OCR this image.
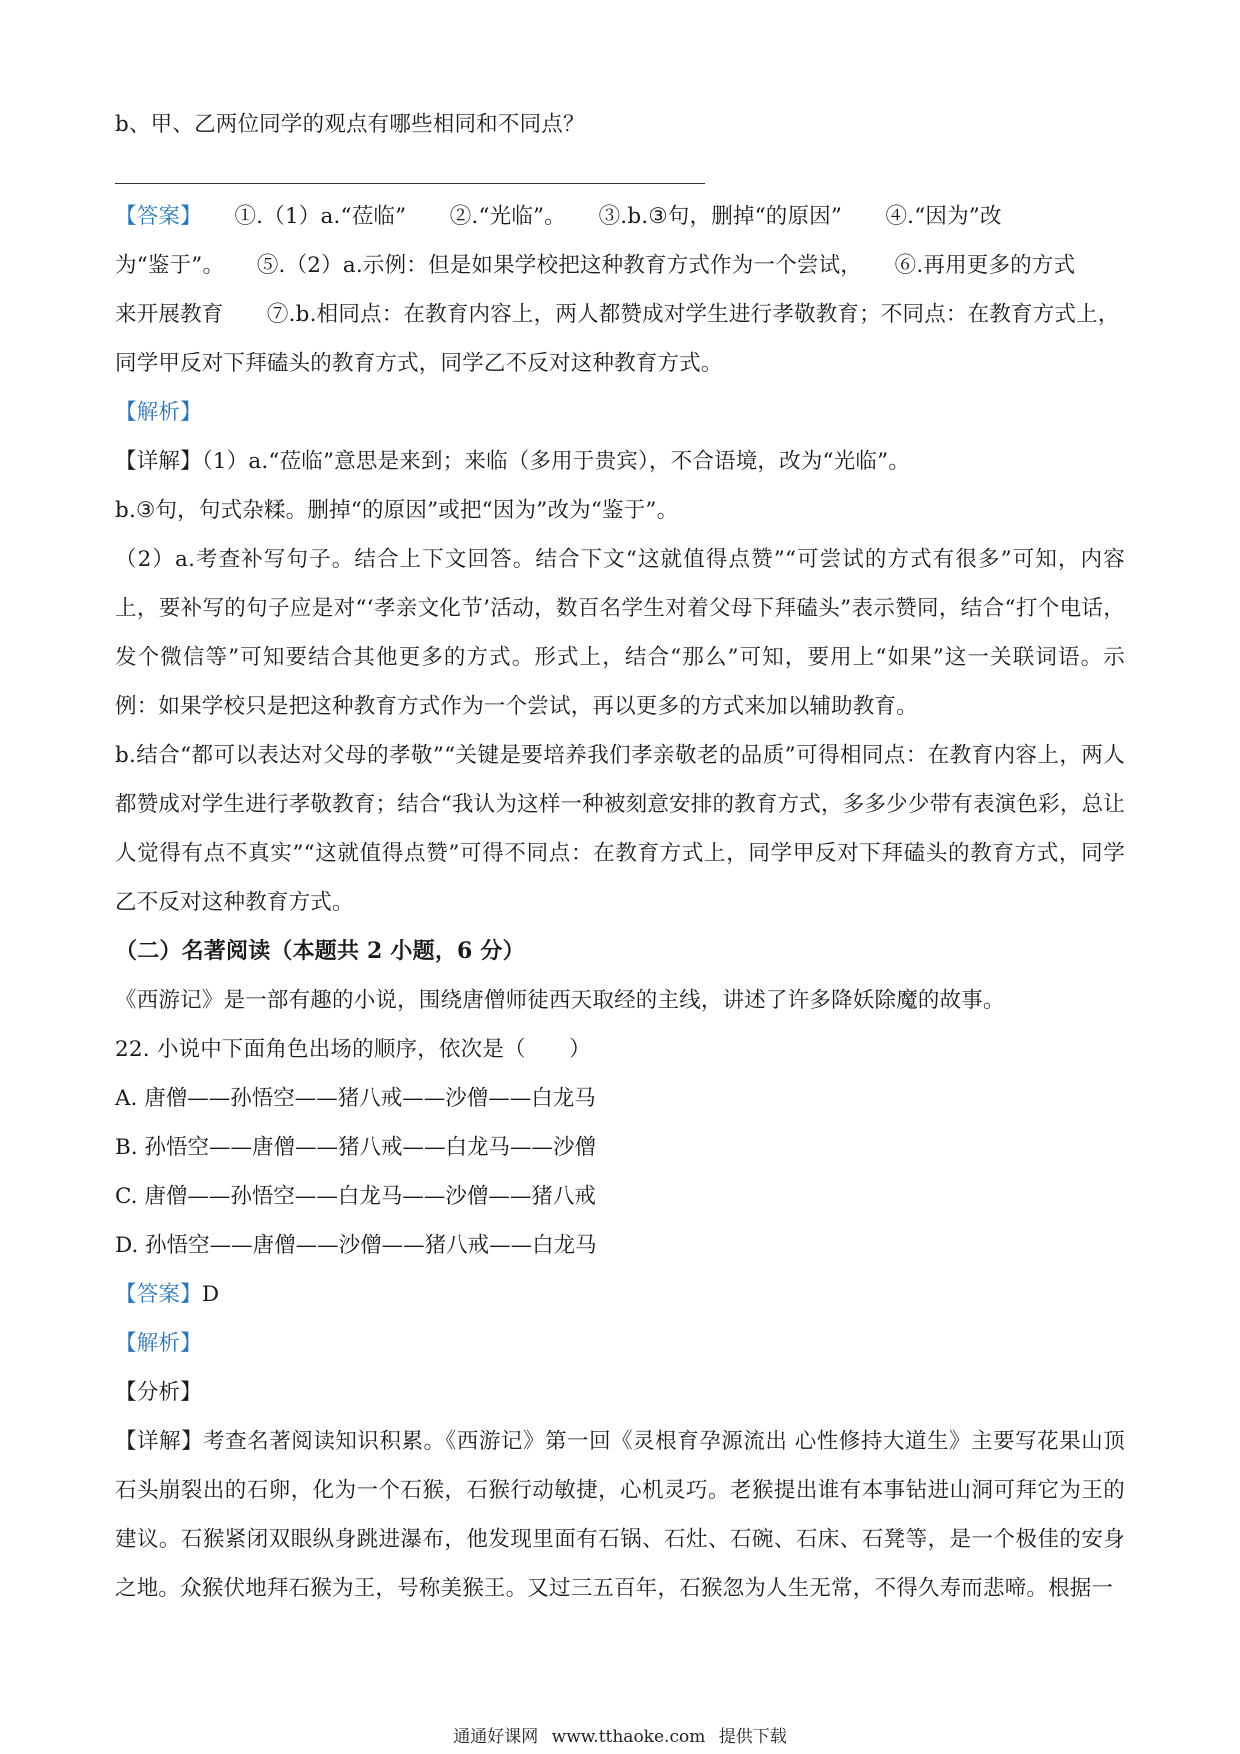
b、甲、乙两位同学的观点有哪些相同和不同点？

【答案】　　 ①.（1）a.“莅临”　　②.“光临”。　　③.b.③句，删掉“的原因”　　④.“因为”改

为“鉴于”。　　⑤.（2）a.示例：但是如果学校把这种教育方式作为一个尝试，　　⑥.再用更多的方式

来开展教育　　⑦.b.相同点：在教育内容上，两人都赞成对学生进行孝敬教育；不同点：在教育方式上，

同学甲反对下拜磕头的教育方式，同学乙不反对这种教育方式。

【解析】

【详解】（1）a.“莅临”意思是来到；来临（多用于贵宾），不合语境，改为“光临”。

b.③句，句式杂糅。删掉“的原因”或把“因为”改为“鉴于”。

（2）a.考查补写句子。结合上下文回答。结合下文“这就值得点赞”“可尝试的方式有很多”可知，内容上，要补写的句子应是对“‘孝亲文化节’活动，数百名学生对着父母下拜磕头”表示赞同，结合“打个电话，发个微信等”可知要结合其他更多的方式。形式上，结合“那么”可知，要用上“如果”这一关联词语。示例：如果学校只是把这种教育方式作为一个尝试，再以更多的方式来加以辅助教育。

b.结合“都可以表达对父母的孝敬”“关键是要培养我们孝亲敬老的品质”可得相同点：在教育内容上，两人都赞成对学生进行孝敬教育；结合“我认为这样一种被刻意安排的教育方式，多多少少带有表演色彩，总让人觉得有点不真实”“这就值得点赞”可得不同点：在教育方式上，同学甲反对下拜磕头的教育方式，同学乙不反对这种教育方式。

（二）名著阅读（本题共 2 小题，6 分）

《西游记》是一部有趣的小说，围绕唐僧师徒西天取经的主线，讲述了许多降妖除魔的故事。

22. 小说中下面角色出场的顺序，依次是（　　）

A. 唐僧——孙悟空——猪八戒——沙僧——白龙马

B. 孙悟空——唐僧——猪八戒——白龙马——沙僧

C. 唐僧——孙悟空——白龙马——沙僧——猪八戒

D. 孙悟空——唐僧——沙僧——猪八戒——白龙马

【答案】D

【解析】

【分析】

【详解】考查名著阅读知识积累。《西游记》第一回《灵根育孕源流出 心性修持大道生》主要写花果山顶石头崩裂出的石卵，化为一个石猴，石猴行动敏捷，心机灵巧。老猴提出谁有本事钻进山洞可拜它为王的建议。石猴紧闭双眼纵身跳进瀑布，他发现里面有石锅、石灶、石碗、石床、石凳等，是一个极佳的安身之地。众猴伏地拜石猴为王，号称美猴王。又过三五百年，石猴忽为人生无常，不得久寿而悲啼。根据一

通通好课网 www.tthaoke.com 提供下载
